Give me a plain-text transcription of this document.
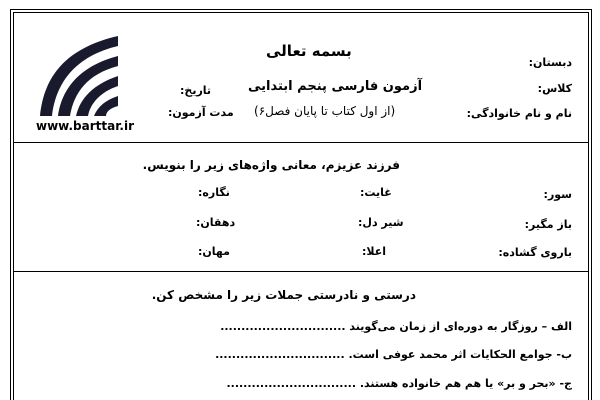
بسمه تعالی
دبستان:
کلاس:
نام و نام خانوادگی:
آزمون فارسی پنجم ابتدایی
(از اول کتاب تا پایان فصل۶)
تاریخ:
مدت آزمون:
www.barttar.ir
فرزند عزیزم، معانی واژه‌های زیر را بنویس.
سور:
غایت:
نگاره:
باز مگیر:
شیر دل:
دهقان:
باروی گشاده:
اعلا:
مهان:
درستی و نادرستی جملات زیر را مشخص کن.
الف – روزگار به دوره‌ای از زمان می‌گویند ..............................
ب- جوامع الحکایات اثر محمد عوفی است. ...............................
ج- «بحر و بر» یا هم هم خانواده هستند. ...............................
